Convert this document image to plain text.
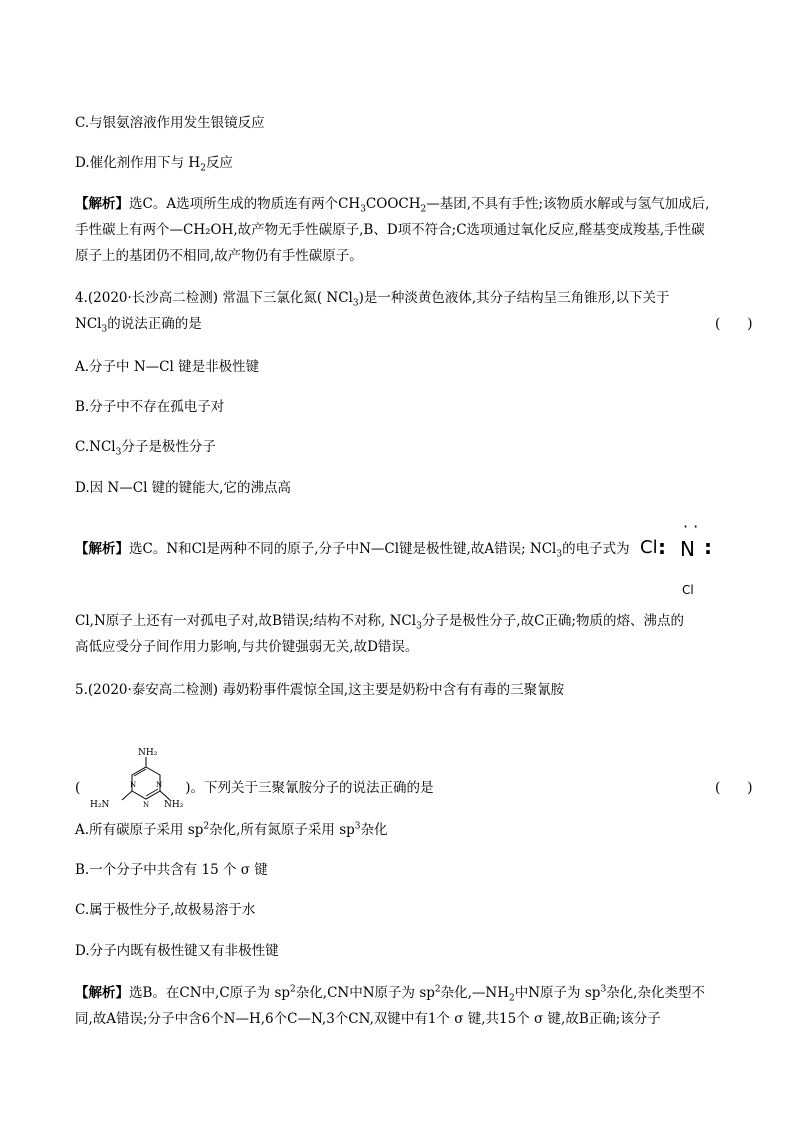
C.与银氨溶液作用发生银镜反应
D.催化剂作用下与 $H_2$反应
【解析】选C。A选项所生成的物质连有两个$CH_3COOCH_2—$基团,不具有手性;该物质水解或与氢气加成后,
手性碳上有两个—CH₂OH,故产物无手性碳原子,B、D项不符合;C选项通过氧化反应,醛基变成羧基,手性碳
原子上的基团仍不相同,故产物仍有手性碳原子。
4.(2020·长沙高二检测) 常温下三氯化氮( NCl$_3$)是一种淡黄色液体,其分子结构呈三角锥形,以下关于
NCl$_3$的说法正确的是	(　　)
A.分子中 N—Cl 键是非极性键
B.分子中不存在孤电子对
C.NCl$_3$分子是极性分子
D.因 N—Cl 键的键能大,它的沸点高
【解析】选C。N和Cl是两种不同的原子,分子中N—Cl键是极性键,故A错误; NCl$_3$的电子式为 Cl :
· ·
N :
Cl
Cl,N原子上还有一对孤电子对,故B错误;结构不对称, NCl$_3$分子是极性分子,故C正确;物质的熔、沸点的
高低应受分子间作用力影响,与共价键强弱无关,故D错误。
5.(2020·泰安高二检测) 毒奶粉事件震惊全国,这主要是奶粉中含有有毒的三聚氰胺
NH₂
N	N
N
H₂N	NH₂
(	)。下列关于三聚氰胺分子的说法正确的是	(　　)
A.所有碳原子采用 $sp^2$杂化,所有氮原子采用 $sp^3$杂化
B.一个分子中共含有 15 个 σ 键
C.属于极性分子,故极易溶于水
D.分子内既有极性键又有非极性键
【解析】选B。在CN中,C原子为 $sp^2$杂化,CN中N原子为 $sp^2$杂化$,—NH_2$中N原子为 $sp^3$杂化,杂化类型不
同,故A错误;分子中含6个N—H,6个C—N,3个CN,双键中有1个 σ 键,共15个 σ 键,故B正确;该分子
